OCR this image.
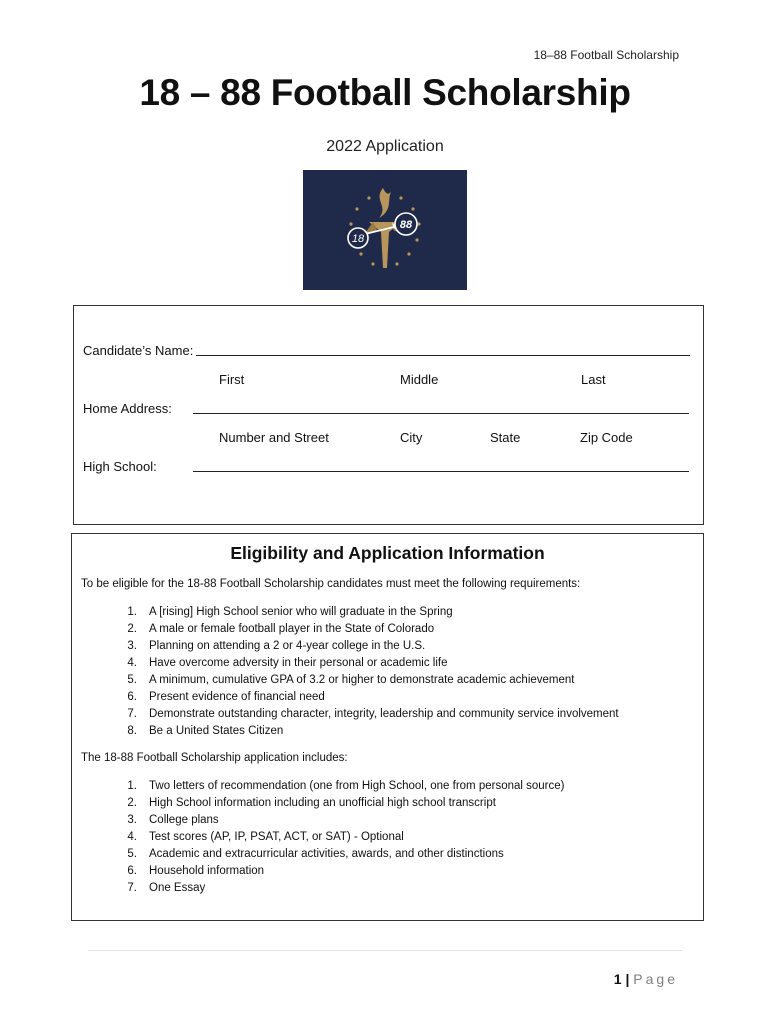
18–88 Football Scholarship
18 – 88 Football Scholarship
2022 Application
18
88
Candidate’s Name:
First	Middle	Last
Home Address:
Number and Street	City	State	Zip Code
High School:
Eligibility and Application Information

To be eligible for the 18-88 Football Scholarship candidates must meet the following requirements:

1. A [rising] High School senior who will graduate in the Spring
2. A male or female football player in the State of Colorado
3. Planning on attending a 2 or 4-year college in the U.S.
4. Have overcome adversity in their personal or academic life
5. A minimum, cumulative GPA of 3.2 or higher to demonstrate academic achievement
6. Present evidence of financial need
7. Demonstrate outstanding character, integrity, leadership and community service involvement
8. Be a United States Citizen

The 18-88 Football Scholarship application includes:

1. Two letters of recommendation (one from High School, one from personal source)
2. High School information including an unofficial high school transcript
3. College plans
4. Test scores (AP, IP, PSAT, ACT, or SAT) - Optional
5. Academic and extracurricular activities, awards, and other distinctions
6. Household information
7. One Essay
1 | Page
